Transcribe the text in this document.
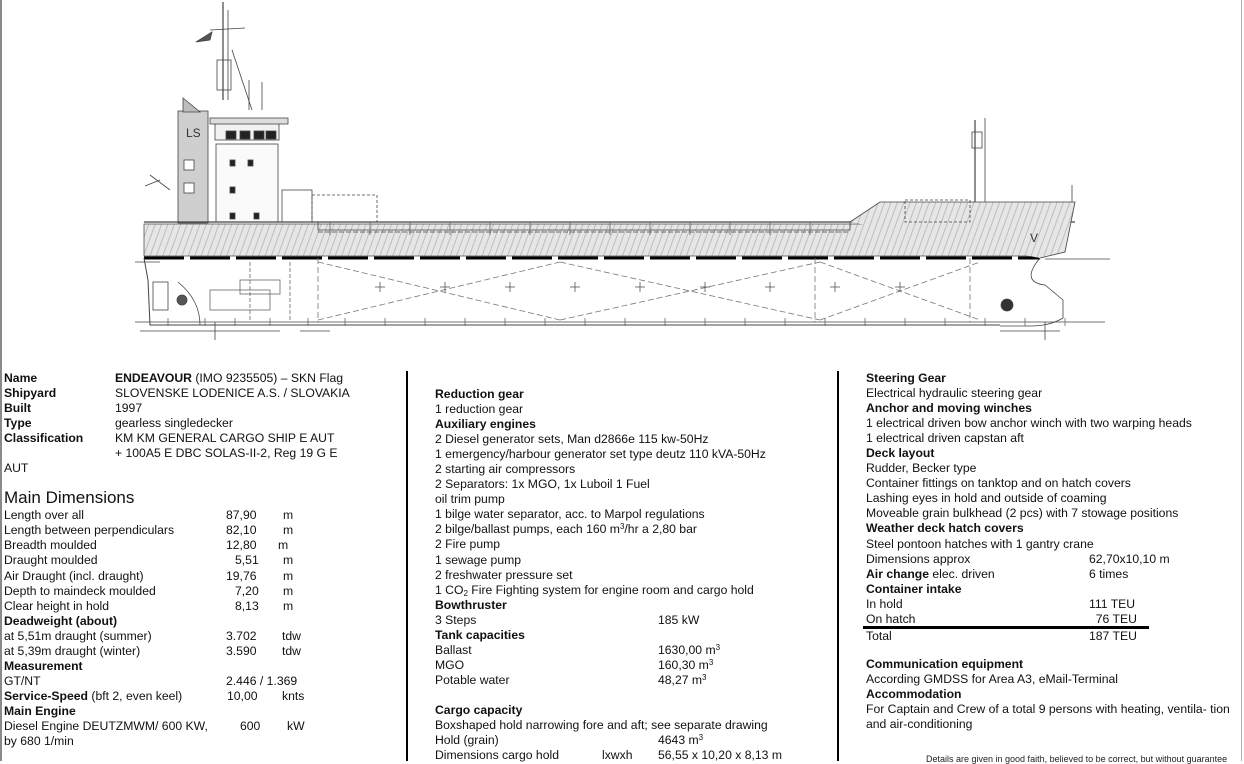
LS
V
Name	ENDEAVOUR (IMO 9235505) – SKN Flag
Shipyard	SLOVENSKE LODENICE A.S. / SLOVAKIA
Built	1997
Type	gearless singledecker
Classification	KM KM GENERAL CARGO SHIP E AUT
+ 100A5 E DBC SOLAS-II-2, Reg 19 G E
AUT
Main Dimensions
Length over all	87,90 m
Length between perpendiculars	82,10 m
Breadth moulded	12,80 m
Draught moulded	5,51 m
Air Draught (incl. draught)	19,76 m
Depth to maindeck moulded	7,20 m
Clear height in hold	8,13 m
Deadweight (about)
at 5,51m draught (summer)	3.702 tdw
at 5,39m draught (winter)	3.590 tdw
Measurement
GT/NT	2.446 / 1.369
Service-Speed (bft 2, even keel)	10,00 knts
Main Engine
Diesel Engine DEUTZMWM/ 600 KW,	600 kW
by 680 1/min
Reduction gear
1 reduction gear
Auxiliary engines
2 Diesel generator sets, Man d2866e 115 kw-50Hz
1 emergency/harbour generator set type deutz 110 kVA-50Hz
2 starting air compressors
2 Separators: 1x MGO, 1x Luboil 1 Fuel
oil trim pump
1 bilge water separator, acc. to Marpol regulations
2 bilge/ballast pumps, each 160 $m^3/hr$ a 2,80 bar
2 Fire pump
1 sewage pump
2 freshwater pressure set
1 $CO_2$ Fire Fighting system for engine room and cargo hold
Bowthruster
3 Steps	185 kW
Tank capacities
Ballast	1630,00 $m^3$
MGO	160,30 $m^3$
Potable water	48,27 $m^3$
Cargo capacity
Boxshaped hold narrowing fore and aft; see separate drawing
Hold (grain)	4643 $m^3$
Dimensions cargo hold	lxwxh 56,55 x 10,20 x 8,13 m
Steering Gear
Electrical hydraulic steering gear
Anchor and moving winches
1 electrical driven bow anchor winch with two warping heads
1 electrical driven capstan aft
Deck layout
Rudder, Becker type
Container fittings on tanktop and on hatch covers
Lashing eyes in hold and outside of coaming
Moveable grain bulkhead (2 pcs) with 7 stowage positions
Weather deck hatch covers
Steel pontoon hatches with 1 gantry crane
Dimensions approx	62,70x10,10 m
Air change elec. driven	6 times
Container intake
In hold	111 TEU
On hatch	76 TEU
Total	187 TEU
Communication equipment
According GMDSS for Area A3, eMail-Terminal
Accommodation
For Captain and Crew of a total 9 persons with heating, ventila- tion
and air-conditioning
Details are given in good faith, believed to be correct, but without guarantee
